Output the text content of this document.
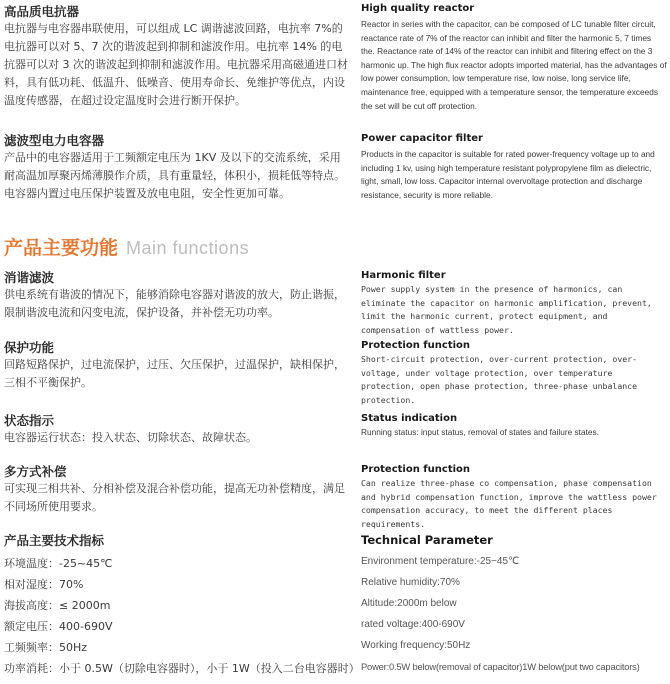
高品质电抗器
电抗器与电容器串联使用，可以组成 LC 调谐滤波回路，电抗率 7%的电抗器可以对 5、7 次的谐波起到抑制和滤波作用。电抗率 14% 的电抗器可以对 3 次的谐波起到抑制和滤波作用。电抗器采用高磁通进口材料，具有低功耗、低温升、低噪音、使用寿命长、免维护等优点，内设温度传感器，在超过设定温度时会进行断开保护。
High quality reactor
Reactor in series with the capacitor, can be composed of LC tunable filter circuit, reactance rate of 7% of the reactor can inhibit and filter the harmonic 5, 7 times the. Reactance rate of 14% of the reactor can inhibit and filtering effect on the 3 harmonic up. The high flux reactor adopts imported material, has the advantages of low power consumption, low temperature rise, low noise, long service life, maintenance free, equipped with a temperature sensor, the temperature exceeds the set will be cut off protection.
滤波型电力电容器
产品中的电容器适用于工频额定电压为 1KV 及以下的交流系统，采用耐高温加厚聚丙烯薄膜作介质，具有重量轻，体积小，损耗低等特点。电容器内置过电压保护装置及放电电阻，安全性更加可靠。
Power capacitor filter
Products in the capacitor is suitable for rated power-frequency voltage up to and including 1 kv, using high temperature resistant polypropylene film as dielectric, light, small, low loss. Capacitor internal overvoltage protection and discharge resistance, security is more reliable.
产品主要功能 Main functions
消谐滤波
供电系统有谐波的情况下，能够消除电容器对谐波的放大，防止谐振，限制谐波电流和闪变电流，保护设备，并补偿无功功率。
Harmonic filter
Power supply system in the presence of harmonics, can eliminate the capacitor on harmonic amplification, prevent, limit the harmonic current, protect equipment, and compensation of wattless power.
保护功能
回路短路保护，过电流保护，过压、欠压保护，过温保护，缺相保护，三相不平衡保护。
Protection function
Short-circuit protection, over-current protection, over-voltage, under voltage protection, over temperature protection, open phase protection, three-phase unbalance protection.
状态指示
电容器运行状态：投入状态、切除状态、故障状态。
Status indication
Running status: input status, removal of states and failure states.
多方式补偿
可实现三相共补、分相补偿及混合补偿功能，提高无功补偿精度，满足不同场所使用要求。
Protection function
Can realize three-phase co compensation, phase compensation and hybrid compensation function, improve the wattless power compensation accuracy, to meet the different places requirements.
产品主要技术指标	Technical Parameter
环境温度：-25~45℃
相对湿度：70%
海拔高度：≤ 2000m
额定电压：400-690V
工频频率：50Hz
功率消耗：小于 0.5W（切除电容器时），小于 1W（投入二台电容器时）
Environment temperature:-25~45℃
Relative humidity:70%
Altitude:2000m below
rated voltage:400-690V
Working frequency:50Hz
Power:0.5W below(removal of capacitor)1W below(put two capacitors)
